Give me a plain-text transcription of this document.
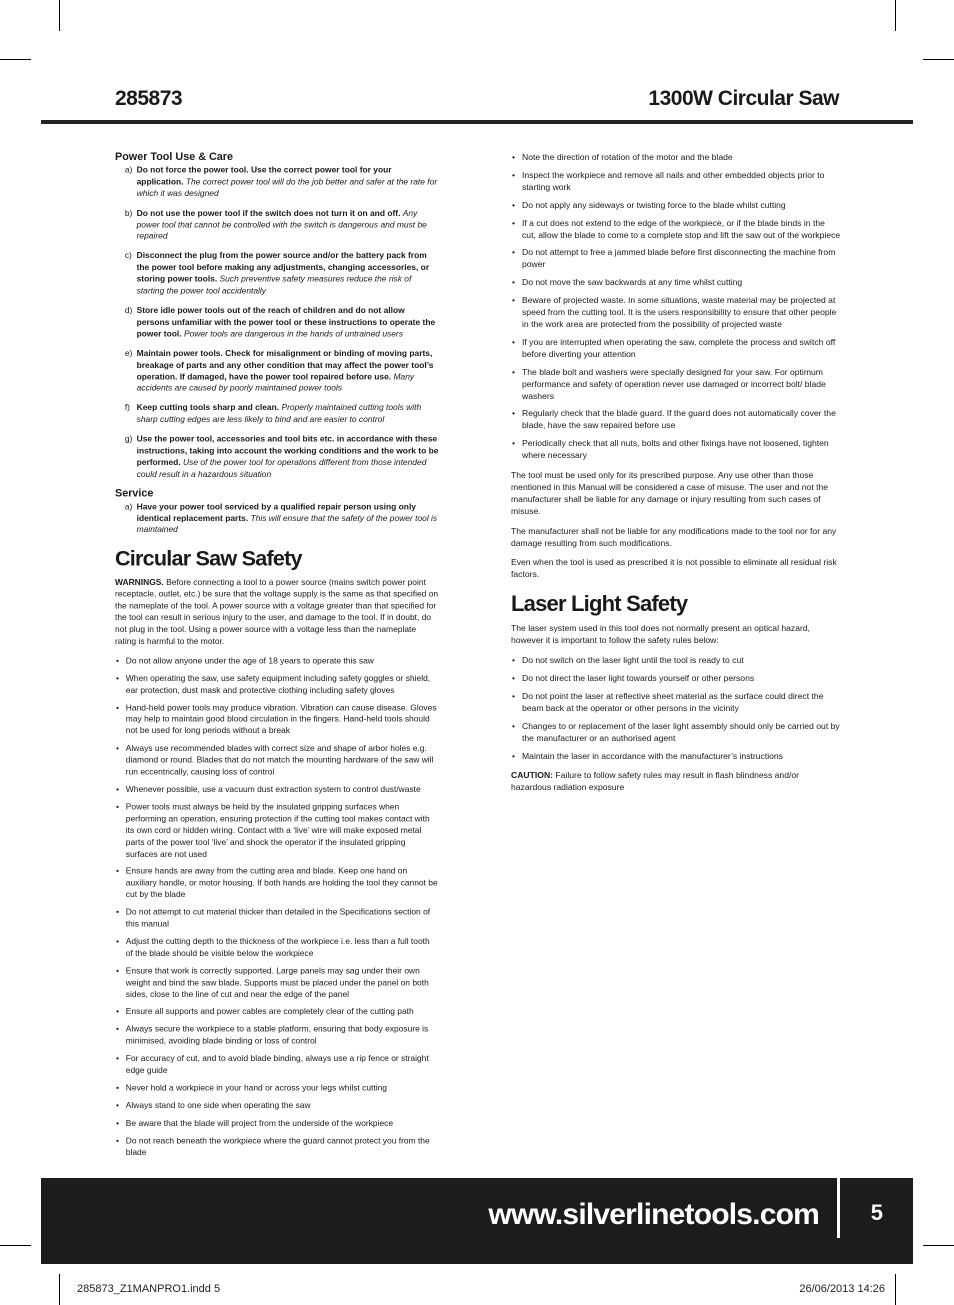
285873	1300W Circular Saw
Power Tool Use & Care
a) Do not force the power tool. Use the correct power tool for your application. The correct power tool will do the job better and safer at the rate for which it was designed
b) Do not use the power tool if the switch does not turn it on and off. Any power tool that cannot be controlled with the switch is dangerous and must be repaired
c) Disconnect the plug from the power source and/or the battery pack from the power tool before making any adjustments, changing accessories, or storing power tools. Such preventive safety measures reduce the risk of starting the power tool accidentally
d) Store idle power tools out of the reach of children and do not allow persons unfamiliar with the power tool or these instructions to operate the power tool. Power tools are dangerous in the hands of untrained users
e) Maintain power tools. Check for misalignment or binding of moving parts, breakage of parts and any other condition that may affect the power tool’s operation. If damaged, have the power tool repaired before use. Many accidents are caused by poorly maintained power tools
f) Keep cutting tools sharp and clean. Properly maintained cutting tools with sharp cutting edges are less likely to bind and are easier to control
g) Use the power tool, accessories and tool bits etc. in accordance with these instructions, taking into account the working conditions and the work to be performed. Use of the power tool for operations different from those intended could result in a hazardous situation
Service
a) Have your power tool serviced by a qualified repair person using only identical replacement parts. This will ensure that the safety of the power tool is maintained
Circular Saw Safety

WARNINGS. Before connecting a tool to a power source (mains switch power point receptacle, outlet, etc.) be sure that the voltage supply is the same as that specified on the nameplate of the tool. A power source with a voltage greater than that specified for the tool can result in serious injury to the user, and damage to the tool. If in doubt, do not plug in the tool. Using a power source with a voltage less than the nameplate rating is harmful to the motor.

• Do not allow anyone under the age of 18 years to operate this saw
• When operating the saw, use safety equipment including safety goggles or shield, ear protection, dust mask and protective clothing including safety gloves
• Hand-held power tools may produce vibration. Vibration can cause disease. Gloves may help to maintain good blood circulation in the fingers. Hand-held tools should not be used for long periods without a break
• Always use recommended blades with correct size and shape of arbor holes e.g. diamond or round. Blades that do not match the mounting hardware of the saw will run eccentrically, causing loss of control
• Whenever possible, use a vacuum dust extraction system to control dust/waste
• Power tools must always be held by the insulated gripping surfaces when performing an operation, ensuring protection if the cutting tool makes contact with its own cord or hidden wiring. Contact with a ‘live’ wire will make exposed metal parts of the power tool ‘live’ and shock the operator if the insulated gripping surfaces are not used
• Ensure hands are away from the cutting area and blade. Keep one hand on auxiliary handle, or motor housing. If both hands are holding the tool they cannot be cut by the blade
• Do not attempt to cut material thicker than detailed in the Specifications section of this manual
• Adjust the cutting depth to the thickness of the workpiece i.e. less than a full tooth of the blade should be visible below the workpiece
• Ensure that work is correctly supported. Large panels may sag under their own weight and bind the saw blade. Supports must be placed under the panel on both sides, close to the line of cut and near the edge of the panel
• Ensure all supports and power cables are completely clear of the cutting path
• Always secure the workpiece to a stable platform, ensuring that body exposure is minimised, avoiding blade binding or loss of control
• For accuracy of cut, and to avoid blade binding, always use a rip fence or straight edge guide
• Never hold a workpiece in your hand or across your legs whilst cutting
• Always stand to one side when operating the saw
• Be aware that the blade will project from the underside of the workpiece
• Do not reach beneath the workpiece where the guard cannot protect you from the blade
• Note the direction of rotation of the motor and the blade
• Inspect the workpiece and remove all nails and other embedded objects prior to starting work
• Do not apply any sideways or twisting force to the blade whilst cutting
• If a cut does not extend to the edge of the workpiece, or if the blade binds in the cut, allow the blade to come to a complete stop and lift the saw out of the workpiece
• Do not attempt to free a jammed blade before first disconnecting the machine from power
• Do not move the saw backwards at any time whilst cutting
• Beware of projected waste. In some situations, waste material may be projected at speed from the cutting tool. It is the users responsibility to ensure that other people in the work area are protected from the possibility of projected waste
• If you are interrupted when operating the saw, complete the process and switch off before diverting your attention
• The blade bolt and washers were specially designed for your saw. For optimum performance and safety of operation never use damaged or incorrect bolt/ blade washers
• Regularly check that the blade guard. If the guard does not automatically cover the blade, have the saw repaired before use
• Periodically check that all nuts, bolts and other fixings have not loosened, tighten where necessary

The tool must be used only for its prescribed purpose. Any use other than those mentioned in this Manual will be considered a case of misuse. The user and not the manufacturer shall be liable for any damage or injury resulting from such cases of misuse.

The manufacturer shall not be liable for any modifications made to the tool nor for any damage resulting from such modifications.

Even when the tool is used as prescribed it is not possible to eliminate all residual risk factors.

Laser Light Safety

The laser system used in this tool does not normally present an optical hazard, however it is important to follow the safety rules below:

• Do not switch on the laser light until the tool is ready to cut
• Do not direct the laser light towards yourself or other persons
• Do not point the laser at reflective sheet material as the surface could direct the beam back at the operator or other persons in the vicinity
• Changes to or replacement of the laser light assembly should only be carried out by the manufacturer or an authorised agent
• Maintain the laser in accordance with the manufacturer’s instructions

CAUTION: Failure to follow safety rules may result in flash blindness and/or hazardous radiation exposure

www.silverlinetools.com 5
285873_Z1MANPRO1.indd 5	26/06/2013 14:26
